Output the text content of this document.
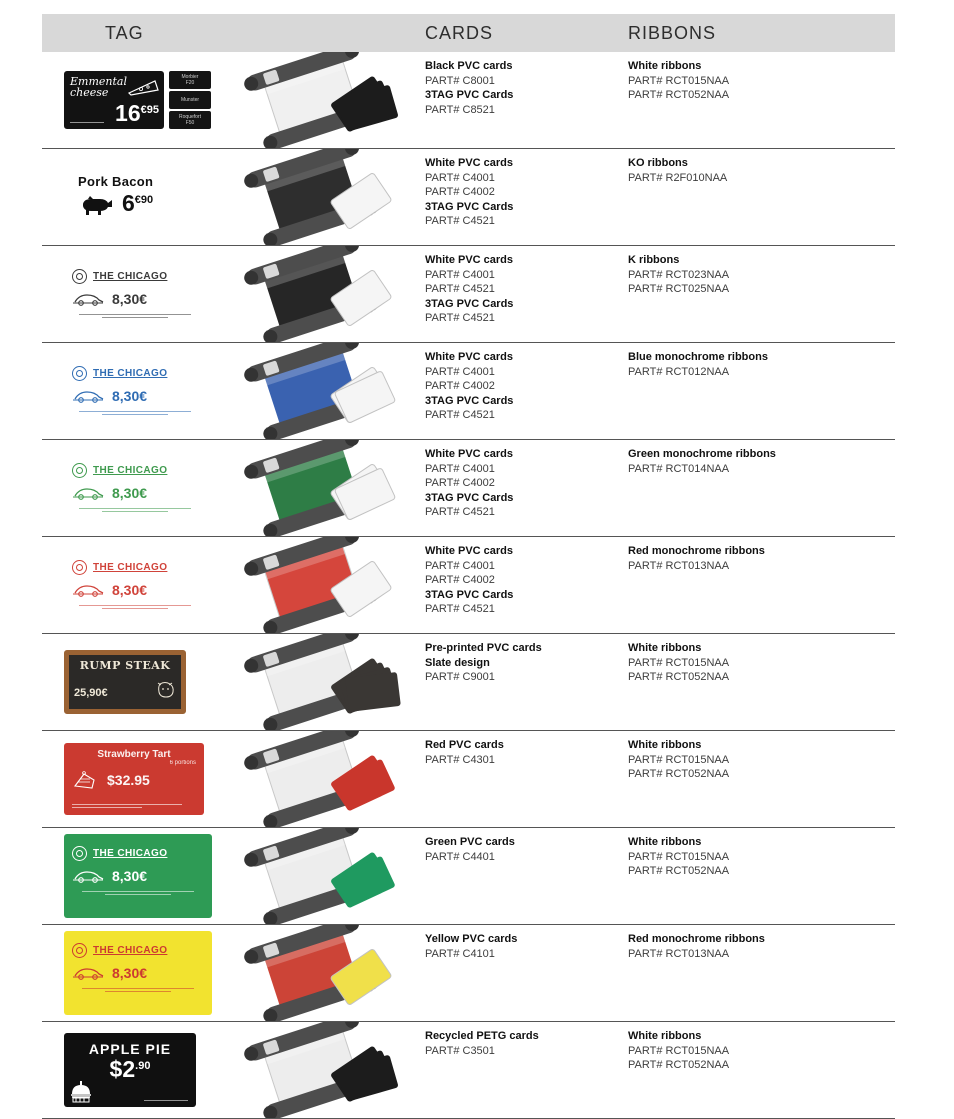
TAG	CARDS	RIBBONS
Emmental
cheese
$16^{€95}$
Morbier
F20
Munster
Roquefort
F50
Black PVC cards
PART# C8001
3TAG PVC Cards
PART# C8521
White ribbons
PART# RCT015NAA
PART# RCT052NAA
Pork Bacon
$6^{€90}$
White PVC cards
PART# C4001
PART# C4002
3TAG PVC Cards
PART# C4521
KO ribbons
PART# R2F010NAA
THE CHICAGO
8,30€
White PVC cards
PART# C4001
PART# C4521
3TAG PVC Cards
PART# C4521
K ribbons
PART# RCT023NAA
PART# RCT025NAA
THE CHICAGO
8,30€
White PVC cards
PART# C4001
PART# C4002
3TAG PVC Cards
PART# C4521
Blue monochrome ribbons
PART# RCT012NAA
THE CHICAGO
8,30€
White PVC cards
PART# C4001
PART# C4002
3TAG PVC Cards
PART# C4521
Green monochrome ribbons
PART# RCT014NAA
THE CHICAGO
8,30€
White PVC cards
PART# C4001
PART# C4002
3TAG PVC Cards
PART# C4521
Red monochrome ribbons
PART# RCT013NAA
RUMP STEAK
25,90€
Pre-printed PVC cards
Slate design
PART# C9001
White ribbons
PART# RCT015NAA
PART# RCT052NAA
Strawberry Tart
6 portions
$32.95
Red PVC cards
PART# C4301
White ribbons
PART# RCT015NAA
PART# RCT052NAA
THE CHICAGO
8,30€
Green PVC cards
PART# C4401
White ribbons
PART# RCT015NAA
PART# RCT052NAA
THE CHICAGO
8,30€
Yellow PVC cards
PART# C4101
Red monochrome ribbons
PART# RCT013NAA
APPLE PIE
$\$2^{.90}$
Recycled PETG cards
PART# C3501
White ribbons
PART# RCT015NAA
PART# RCT052NAA
